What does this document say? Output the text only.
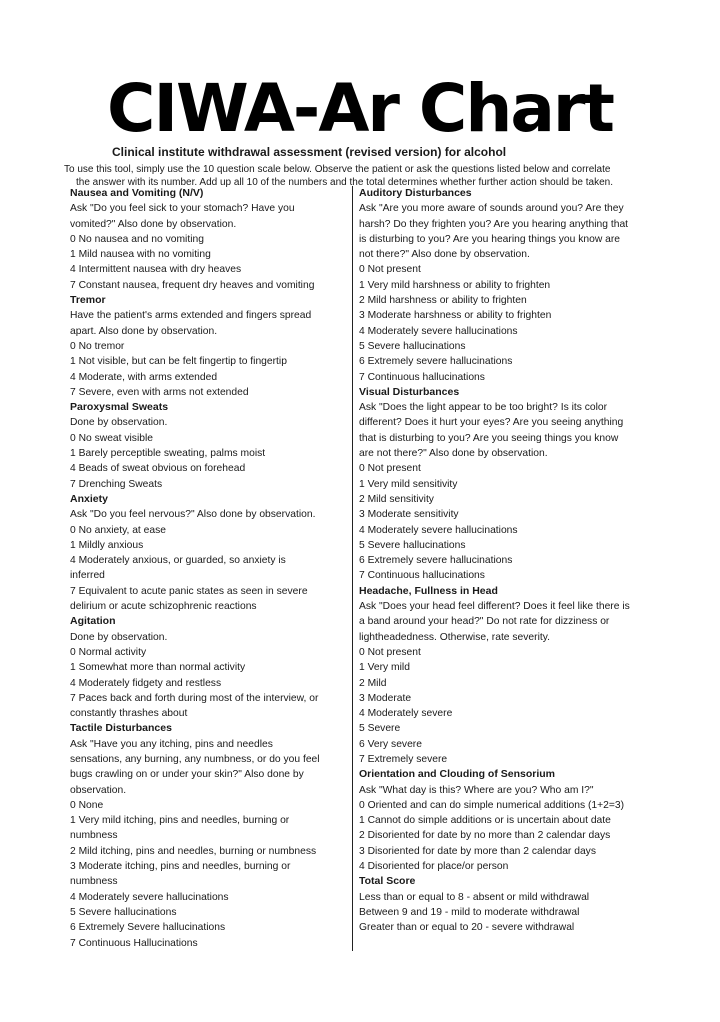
CIWA-Ar Chart
Clinical institute withdrawal assessment (revised version) for alcohol
To use this tool, simply use the 10 question scale below. Observe the patient or ask the questions listed below and correlate
the answer with its number. Add up all 10 of the numbers and the total determines whether further action should be taken.
Nausea and Vomiting (N/V)
Ask "Do you feel sick to your stomach? Have you
vomited?" Also done by observation.
0 No nausea and no vomiting
1 Mild nausea with no vomiting
4 Intermittent nausea with dry heaves
7 Constant nausea, frequent dry heaves and vomiting
Tremor
Have the patient's arms extended and fingers spread
apart. Also done by observation.
0 No tremor
1 Not visible, but can be felt fingertip to fingertip
4 Moderate, with arms extended
7 Severe, even with arms not extended
Paroxysmal Sweats
Done by observation.
0 No sweat visible
1 Barely perceptible sweating, palms moist
4 Beads of sweat obvious on forehead
7 Drenching Sweats
Anxiety
Ask "Do you feel nervous?" Also done by observation.
0 No anxiety, at ease
1 Mildly anxious
4 Moderately anxious, or guarded, so anxiety is
inferred
7 Equivalent to acute panic states as seen in severe
delirium or acute schizophrenic reactions
Agitation
Done by observation.
0 Normal activity
1 Somewhat more than normal activity
4 Moderately fidgety and restless
7 Paces back and forth during most of the interview, or
constantly thrashes about
Tactile Disturbances
Ask "Have you any itching, pins and needles
sensations, any burning, any numbness, or do you feel
bugs crawling on or under your skin?" Also done by
observation.
0 None
1 Very mild itching, pins and needles, burning or
numbness
2 Mild itching, pins and needles, burning or numbness
3 Moderate itching, pins and needles, burning or
numbness
4 Moderately severe hallucinations
5 Severe hallucinations
6 Extremely Severe hallucinations
7 Continuous Hallucinations
Auditory Disturbances
Ask "Are you more aware of sounds around you? Are they
harsh? Do they frighten you? Are you hearing anything that
is disturbing to you? Are you hearing things you know are
not there?" Also done by observation.
0 Not present
1 Very mild harshness or ability to frighten
2 Mild harshness or ability to frighten
3 Moderate harshness or ability to frighten
4 Moderately severe hallucinations
5 Severe hallucinations
6 Extremely severe hallucinations
7 Continuous hallucinations
Visual Disturbances
Ask "Does the light appear to be too bright? Is its color
different? Does it hurt your eyes? Are you seeing anything
that is disturbing to you? Are you seeing things you know
are not there?" Also done by observation.
0 Not present
1 Very mild sensitivity
2 Mild sensitivity
3 Moderate sensitivity
4 Moderately severe hallucinations
5 Severe hallucinations
6 Extremely severe hallucinations
7 Continuous hallucinations
Headache, Fullness in Head
Ask "Does your head feel different? Does it feel like there is
a band around your head?" Do not rate for dizziness or
lightheadedness. Otherwise, rate severity.
0 Not present
1 Very mild
2 Mild
3 Moderate
4 Moderately severe
5 Severe
6 Very severe
7 Extremely severe
Orientation and Clouding of Sensorium
Ask "What day is this? Where are you? Who am I?"
0 Oriented and can do simple numerical additions (1+2=3)
1 Cannot do simple additions or is uncertain about date
2 Disoriented for date by no more than 2 calendar days
3 Disoriented for date by more than 2 calendar days
4 Disoriented for place/or person
Total Score
Less than or equal to 8 - absent or mild withdrawal
Between 9 and 19 - mild to moderate withdrawal
Greater than or equal to 20 - severe withdrawal
